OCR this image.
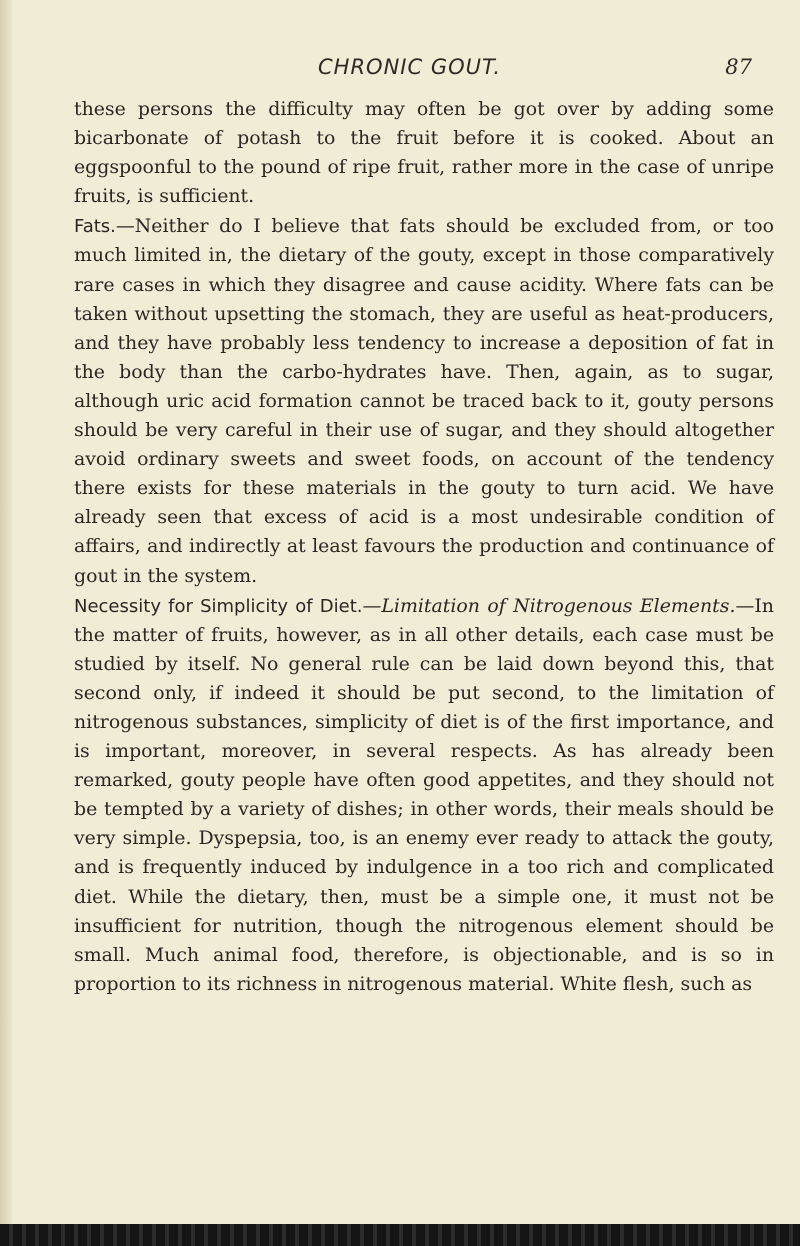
CHRONIC GOUT.	87

these persons the difficulty may often be got over by adding some bicarbonate of potash to the fruit before it is cooked. About an eggspoonful to the pound of ripe fruit, rather more in the case of unripe fruits, is sufficient.

Fats.—Neither do I believe that fats should be excluded from, or too much limited in, the dietary of the gouty, except in those comparatively rare cases in which they disagree and cause acidity. Where fats can be taken without upsetting the stomach, they are useful as heat-producers, and they have probably less tendency to increase a deposition of fat in the body than the carbo-hydrates have. Then, again, as to sugar, although uric acid formation cannot be traced back to it, gouty persons should be very careful in their use of sugar, and they should altogether avoid ordinary sweets and sweet foods, on account of the tendency there exists for these materials in the gouty to turn acid. We have already seen that excess of acid is a most undesirable condition of affairs, and indirectly at least favours the production and continuance of gout in the system.

Necessity for Simplicity of Diet.—Limitation of Nitrogenous Elements.—In the matter of fruits, however, as in all other details, each case must be studied by itself. No general rule can be laid down beyond this, that second only, if indeed it should be put second, to the limitation of nitrogenous substances, simplicity of diet is of the first importance, and is important, moreover, in several respects. As has already been remarked, gouty people have often good appetites, and they should not be tempted by a variety of dishes; in other words, their meals should be very simple. Dyspepsia, too, is an enemy ever ready to attack the gouty, and is frequently induced by indulgence in a too rich and complicated diet. While the dietary, then, must be a simple one, it must not be insufficient for nutrition, though the nitrogenous element should be small. Much animal food, therefore, is objectionable, and is so in proportion to its richness in nitrogenous material. White flesh, such as
